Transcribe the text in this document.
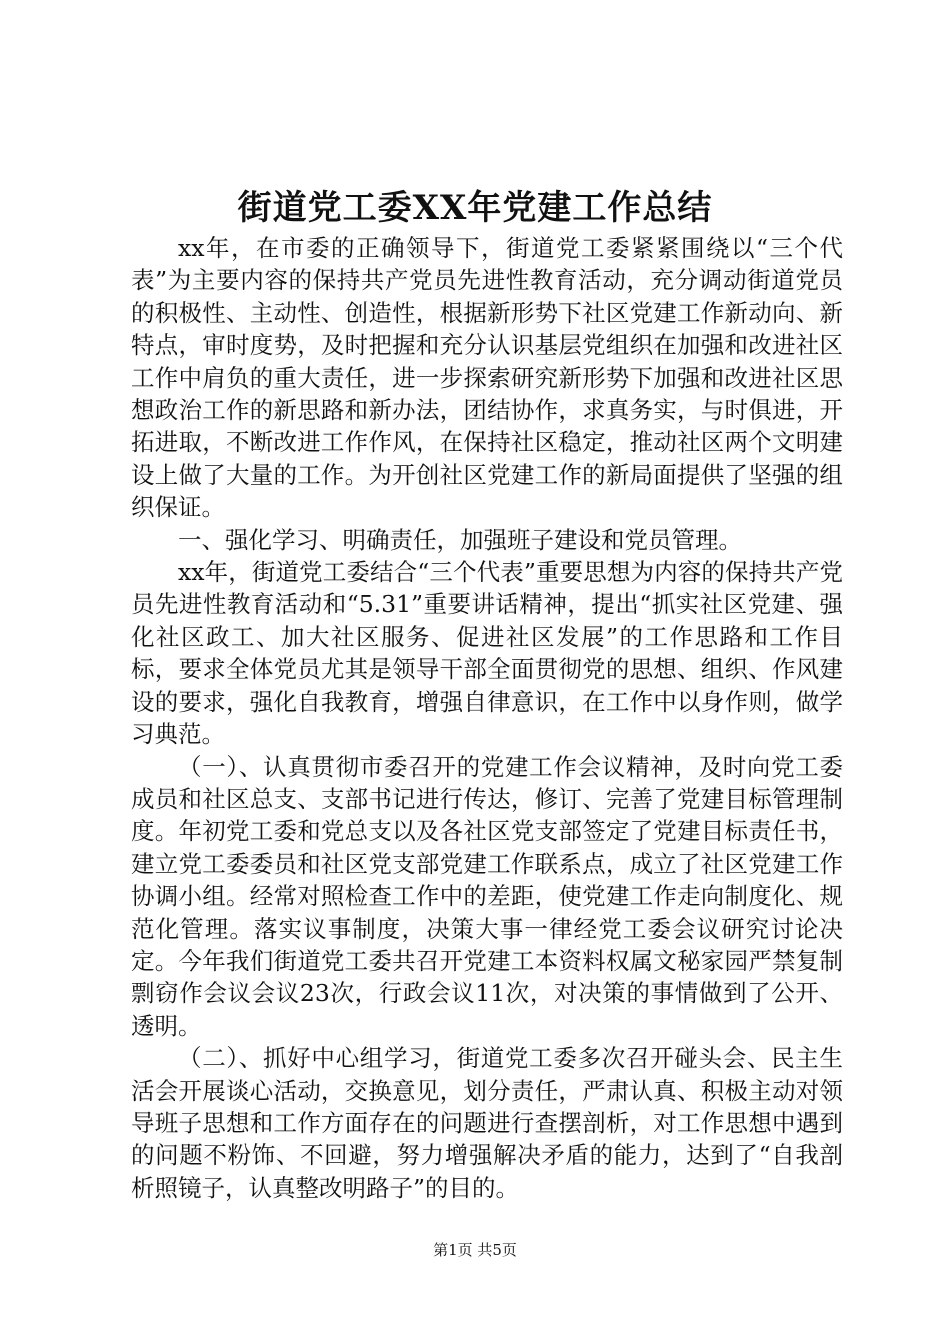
街道党工委XX年党建工作总结

xx年，在市委的正确领导下，街道党工委紧紧围绕以“三个代表”为主要内容的保持共产党员先进性教育活动，充分调动街道党员的积极性、主动性、创造性，根据新形势下社区党建工作新动向、新特点，审时度势，及时把握和充分认识基层党组织在加强和改进社区工作中肩负的重大责任，进一步探索研究新形势下加强和改进社区思想政治工作的新思路和新办法，团结协作，求真务实，与时俱进，开拓进取，不断改进工作作风，在保持社区稳定，推动社区两个文明建设上做了大量的工作。为开创社区党建工作的新局面提供了坚强的组织保证。

一、强化学习、明确责任，加强班子建设和党员管理。

xx年，街道党工委结合“三个代表”重要思想为内容的保持共产党员先进性教育活动和“5.31”重要讲话精神，提出“抓实社区党建、强化社区政工、加大社区服务、促进社区发展”的工作思路和工作目标，要求全体党员尤其是领导干部全面贯彻党的思想、组织、作风建设的要求，强化自我教育，增强自律意识，在工作中以身作则，做学习典范。

（一）、认真贯彻市委召开的党建工作会议精神，及时向党工委成员和社区总支、支部书记进行传达，修订、完善了党建目标管理制度。年初党工委和党总支以及各社区党支部签定了党建目标责任书，建立党工委委员和社区党支部党建工作联系点，成立了社区党建工作协调小组。经常对照检查工作中的差距，使党建工作走向制度化、规范化管理。落实议事制度，决策大事一律经党工委会议研究讨论决定。今年我们街道党工委共召开党建工本资料权属文秘家园严禁复制剽窃作会议会议23次，行政会议11次，对决策的事情做到了公开、透明。

（二）、抓好中心组学习，街道党工委多次召开碰头会、民主生活会开展谈心活动，交换意见，划分责任，严肃认真、积极主动对领导班子思想和工作方面存在的问题进行查摆剖析，对工作思想中遇到的问题不粉饰、不回避，努力增强解决矛盾的能力，达到了“自我剖析照镜子，认真整改明路子”的目的。

第1页 共5页
